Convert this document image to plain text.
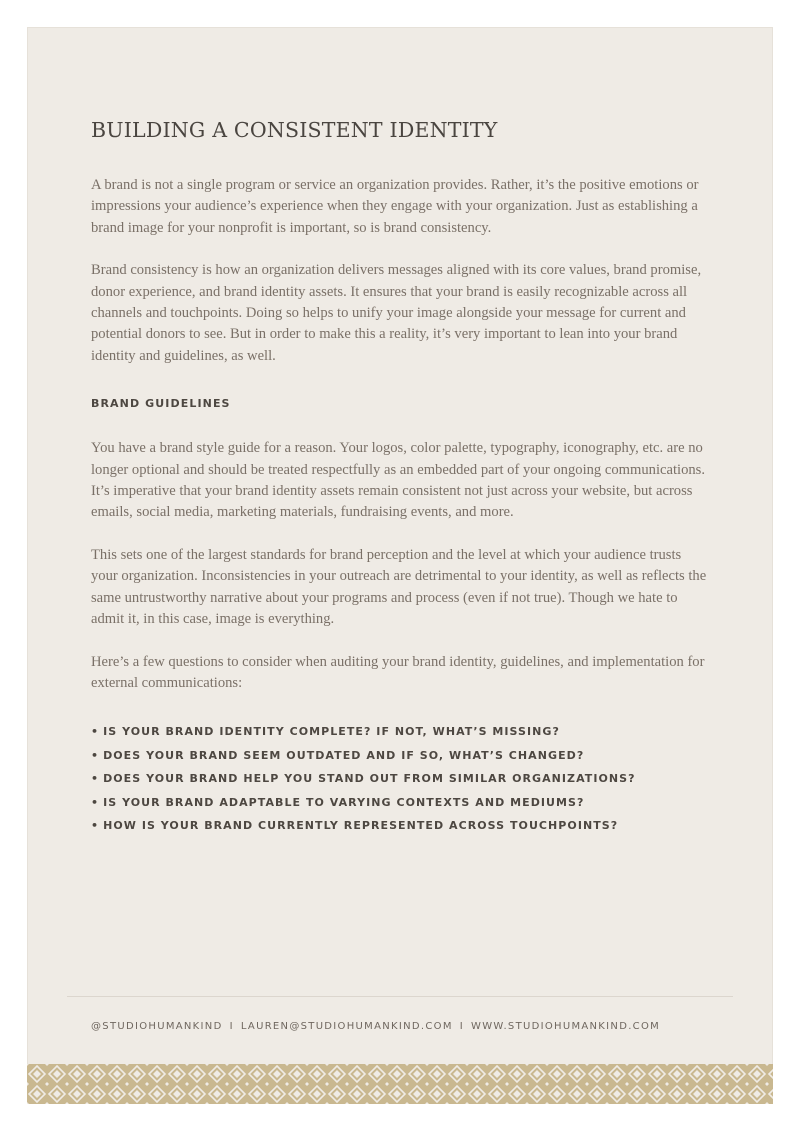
BUILDING A CONSISTENT IDENTITY

A brand is not a single program or service an organization provides. Rather, it’s the positive emotions or impressions your audience’s experience when they engage with your organization. Just as establishing a brand image for your nonprofit is important, so is brand consistency.

Brand consistency is how an organization delivers messages aligned with its core values, brand promise, donor experience, and brand identity assets. It ensures that your brand is easily recognizable across all channels and touchpoints. Doing so helps to unify your image alongside your message for current and potential donors to see. But in order to make this a reality, it’s very important to lean into your brand identity and guidelines, as well.

BRAND GUIDELINES

You have a brand style guide for a reason. Your logos, color palette, typography, iconography, etc. are no longer optional and should be treated respectfully as an embedded part of your ongoing communications. It’s imperative that your brand identity assets remain consistent not just across your website, but across emails, social media, marketing materials, fundraising events, and more.

This sets one of the largest standards for brand perception and the level at which your audience trusts your organization. Inconsistencies in your outreach are detrimental to your identity, as well as reflects the same untrustworthy narrative about your programs and process (even if not true). Though we hate to admit it, in this case, image is everything.

Here’s a few questions to consider when auditing your brand identity, guidelines, and implementation for external communications:

• IS YOUR BRAND IDENTITY COMPLETE? IF NOT, WHAT’S MISSING?
• DOES YOUR BRAND SEEM OUTDATED AND IF SO, WHAT’S CHANGED?
• DOES YOUR BRAND HELP YOU STAND OUT FROM SIMILAR ORGANIZATIONS?
• IS YOUR BRAND ADAPTABLE TO VARYING CONTEXTS AND MEDIUMS?
• HOW IS YOUR BRAND CURRENTLY REPRESENTED ACROSS TOUCHPOINTS?
@STUDIOHUMANKIND I LAUREN@STUDIOHUMANKIND.COM I WWW.STUDIOHUMANKIND.COM
